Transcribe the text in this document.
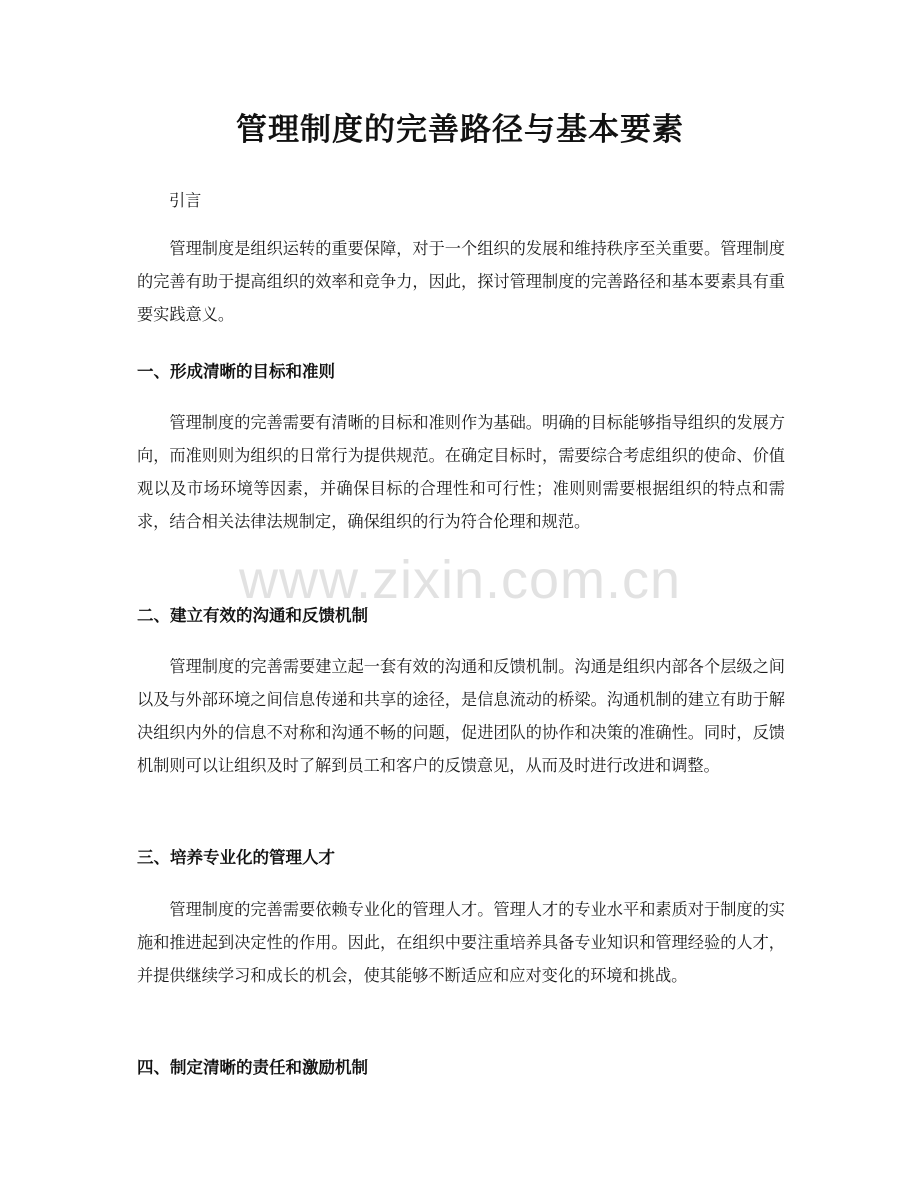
管理制度的完善路径与基本要素

引言

管理制度是组织运转的重要保障，对于一个组织的发展和维持秩序至关重要。管理制度的完善有助于提高组织的效率和竞争力，因此，探讨管理制度的完善路径和基本要素具有重要实践意义。

一、形成清晰的目标和准则

管理制度的完善需要有清晰的目标和准则作为基础。明确的目标能够指导组织的发展方向，而准则则为组织的日常行为提供规范。在确定目标时，需要综合考虑组织的使命、价值观以及市场环境等因素，并确保目标的合理性和可行性；准则则需要根据组织的特点和需求，结合相关法律法规制定，确保组织的行为符合伦理和规范。

二、建立有效的沟通和反馈机制

管理制度的完善需要建立起一套有效的沟通和反馈机制。沟通是组织内部各个层级之间以及与外部环境之间信息传递和共享的途径，是信息流动的桥梁。沟通机制的建立有助于解决组织内外的信息不对称和沟通不畅的问题，促进团队的协作和决策的准确性。同时，反馈机制则可以让组织及时了解到员工和客户的反馈意见，从而及时进行改进和调整。

三、培养专业化的管理人才

管理制度的完善需要依赖专业化的管理人才。管理人才的专业水平和素质对于制度的实施和推进起到决定性的作用。因此，在组织中要注重培养具备专业知识和管理经验的人才，并提供继续学习和成长的机会，使其能够不断适应和应对变化的环境和挑战。

四、制定清晰的责任和激励机制
www.zixin.com.cn
